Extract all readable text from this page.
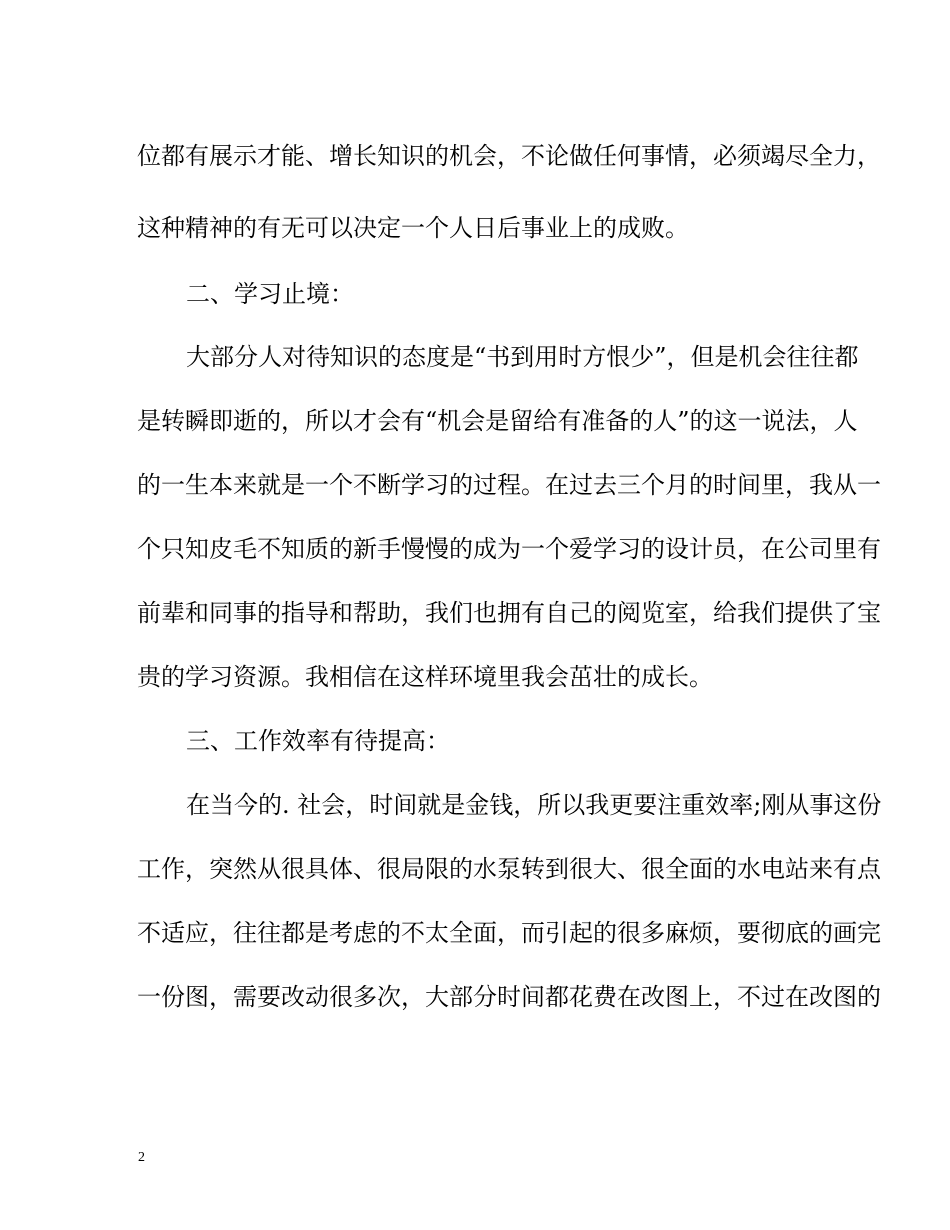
位都有展示才能、增长知识的机会，不论做任何事情，必须竭尽全力，
这种精神的有无可以决定一个人日后事业上的成败。
二、学习止境：
大部分人对待知识的态度是“书到用时方恨少”，但是机会往往都
是转瞬即逝的，所以才会有“机会是留给有准备的人”的这一说法，人
的一生本来就是一个不断学习的过程。在过去三个月的时间里，我从一
个只知皮毛不知质的新手慢慢的成为一个爱学习的设计员，在公司里有
前辈和同事的指导和帮助，我们也拥有自己的阅览室，给我们提供了宝
贵的学习资源。我相信在这样环境里我会茁壮的成长。
三、工作效率有待提高：
在当今的. 社会，时间就是金钱，所以我更要注重效率;刚从事这份
工作，突然从很具体、很局限的水泵转到很大、很全面的水电站来有点
不适应，往往都是考虑的不太全面，而引起的很多麻烦，要彻底的画完
一份图，需要改动很多次，大部分时间都花费在改图上，不过在改图的
2
